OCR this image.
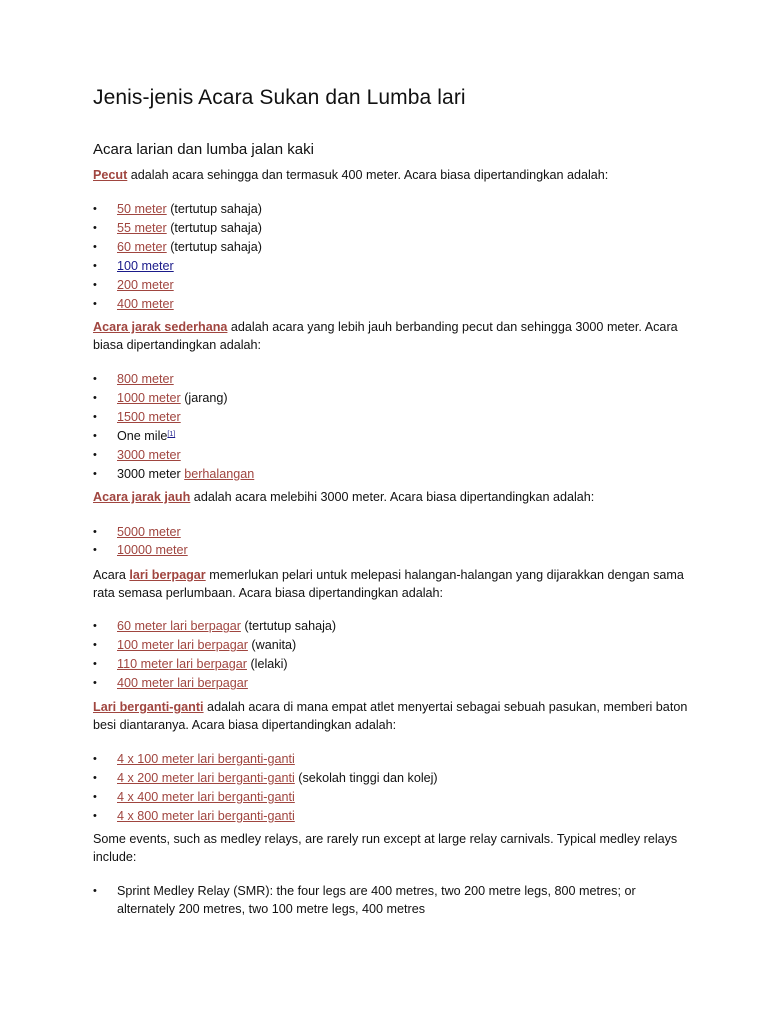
Jenis-jenis Acara Sukan dan Lumba lari
Acara larian dan lumba jalan kaki

Pecut adalah acara sehingga dan termasuk 400 meter. Acara biasa dipertandingkan adalah:

• 50 meter (tertutup sahaja)
• 55 meter (tertutup sahaja)
• 60 meter (tertutup sahaja)
• 100 meter
• 200 meter
• 400 meter

Acara jarak sederhana adalah acara yang lebih jauh berbanding pecut dan sehingga 3000 meter. Acara biasa dipertandingkan adalah:

• 800 meter
• 1000 meter (jarang)
• 1500 meter
• One mile[1]
• 3000 meter
• 3000 meter berhalangan

Acara jarak jauh adalah acara melebihi 3000 meter. Acara biasa dipertandingkan adalah:

• 5000 meter
• 10000 meter

Acara lari berpagar memerlukan pelari untuk melepasi halangan-halangan yang dijarakkan dengan sama rata semasa perlumbaan. Acara biasa dipertandingkan adalah:

• 60 meter lari berpagar (tertutup sahaja)
• 100 meter lari berpagar (wanita)
• 110 meter lari berpagar (lelaki)
• 400 meter lari berpagar

Lari berganti-ganti adalah acara di mana empat atlet menyertai sebagai sebuah pasukan, memberi baton besi diantaranya. Acara biasa dipertandingkan adalah:

• 4 x 100 meter lari berganti-ganti
• 4 x 200 meter lari berganti-ganti (sekolah tinggi dan kolej)
• 4 x 400 meter lari berganti-ganti
• 4 x 800 meter lari berganti-ganti

Some events, such as medley relays, are rarely run except at large relay carnivals. Typical medley relays include:

• Sprint Medley Relay (SMR): the four legs are 400 metres, two 200 metre legs, 800 metres; or alternately 200 metres, two 100 metre legs, 400 metres
